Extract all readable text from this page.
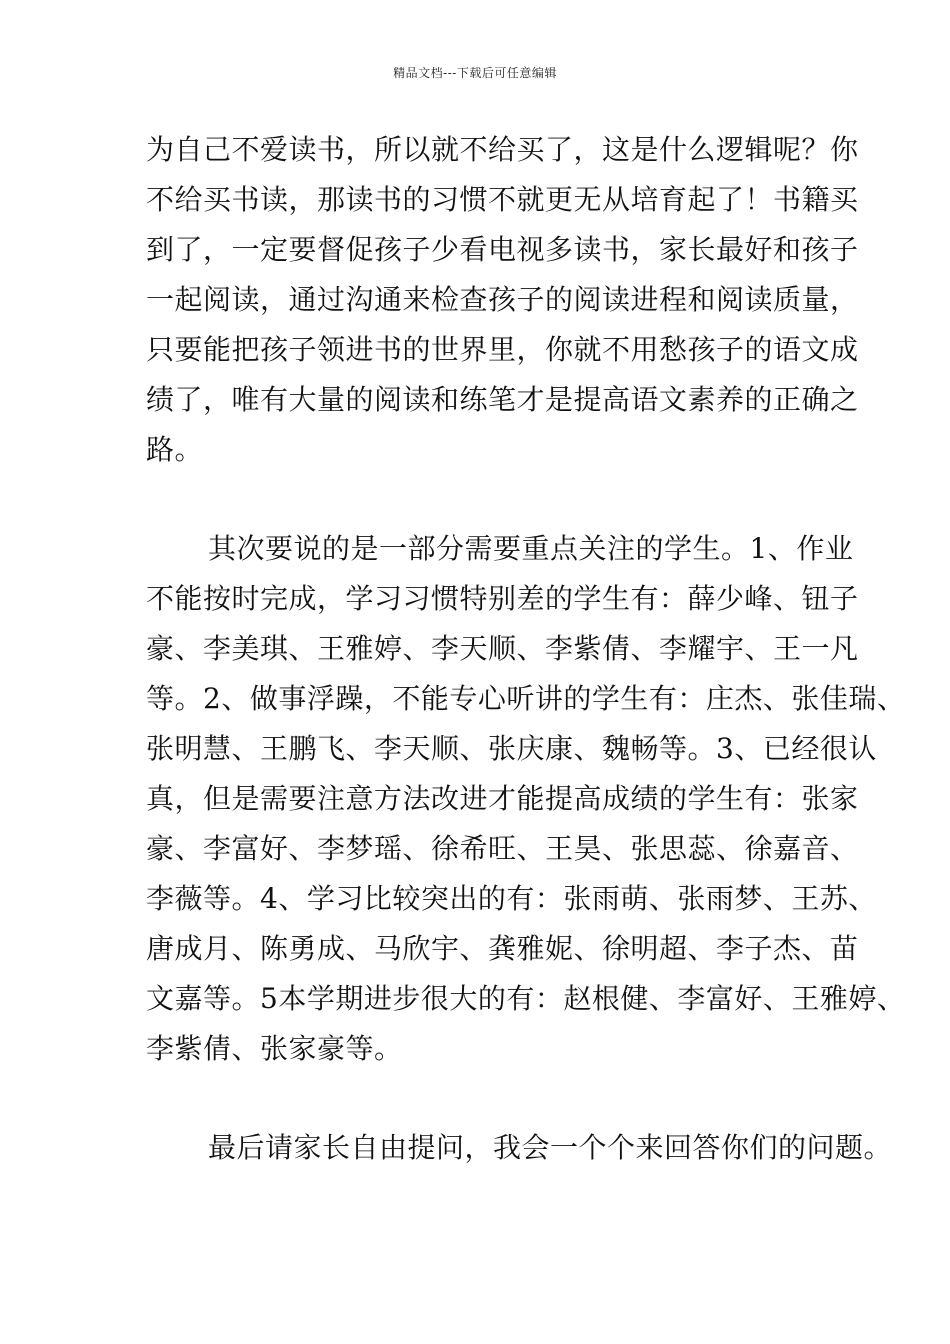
精品文档---下载后可任意编辑
为自己不爱读书，所以就不给买了，这是什么逻辑呢？你
不给买书读，那读书的习惯不就更无从培育起了！书籍买
到了，一定要督促孩子少看电视多读书，家长最好和孩子
一起阅读，通过沟通来检查孩子的阅读进程和阅读质量，
只要能把孩子领进书的世界里，你就不用愁孩子的语文成
绩了，唯有大量的阅读和练笔才是提高语文素养的正确之
路。
其次要说的是一部分需要重点关注的学生。1、作业
不能按时完成，学习习惯特别差的学生有：薛少峰、钮子
豪、李美琪、王雅婷、李天顺、李紫倩、李耀宇、王一凡
等。2、做事浮躁，不能专心听讲的学生有：庄杰、张佳瑞、
张明慧、王鹏飞、李天顺、张庆康、魏畅等。3、已经很认
真，但是需要注意方法改进才能提高成绩的学生有：张家
豪、李富好、李梦瑶、徐希旺、王昊、张思蕊、徐嘉音、
李薇等。4、学习比较突出的有：张雨萌、张雨梦、王苏、
唐成月、陈勇成、马欣宇、龚雅妮、徐明超、李子杰、苗
文嘉等。5本学期进步很大的有：赵根健、李富好、王雅婷、
李紫倩、张家豪等。
最后请家长自由提问，我会一个个来回答你们的问题。
